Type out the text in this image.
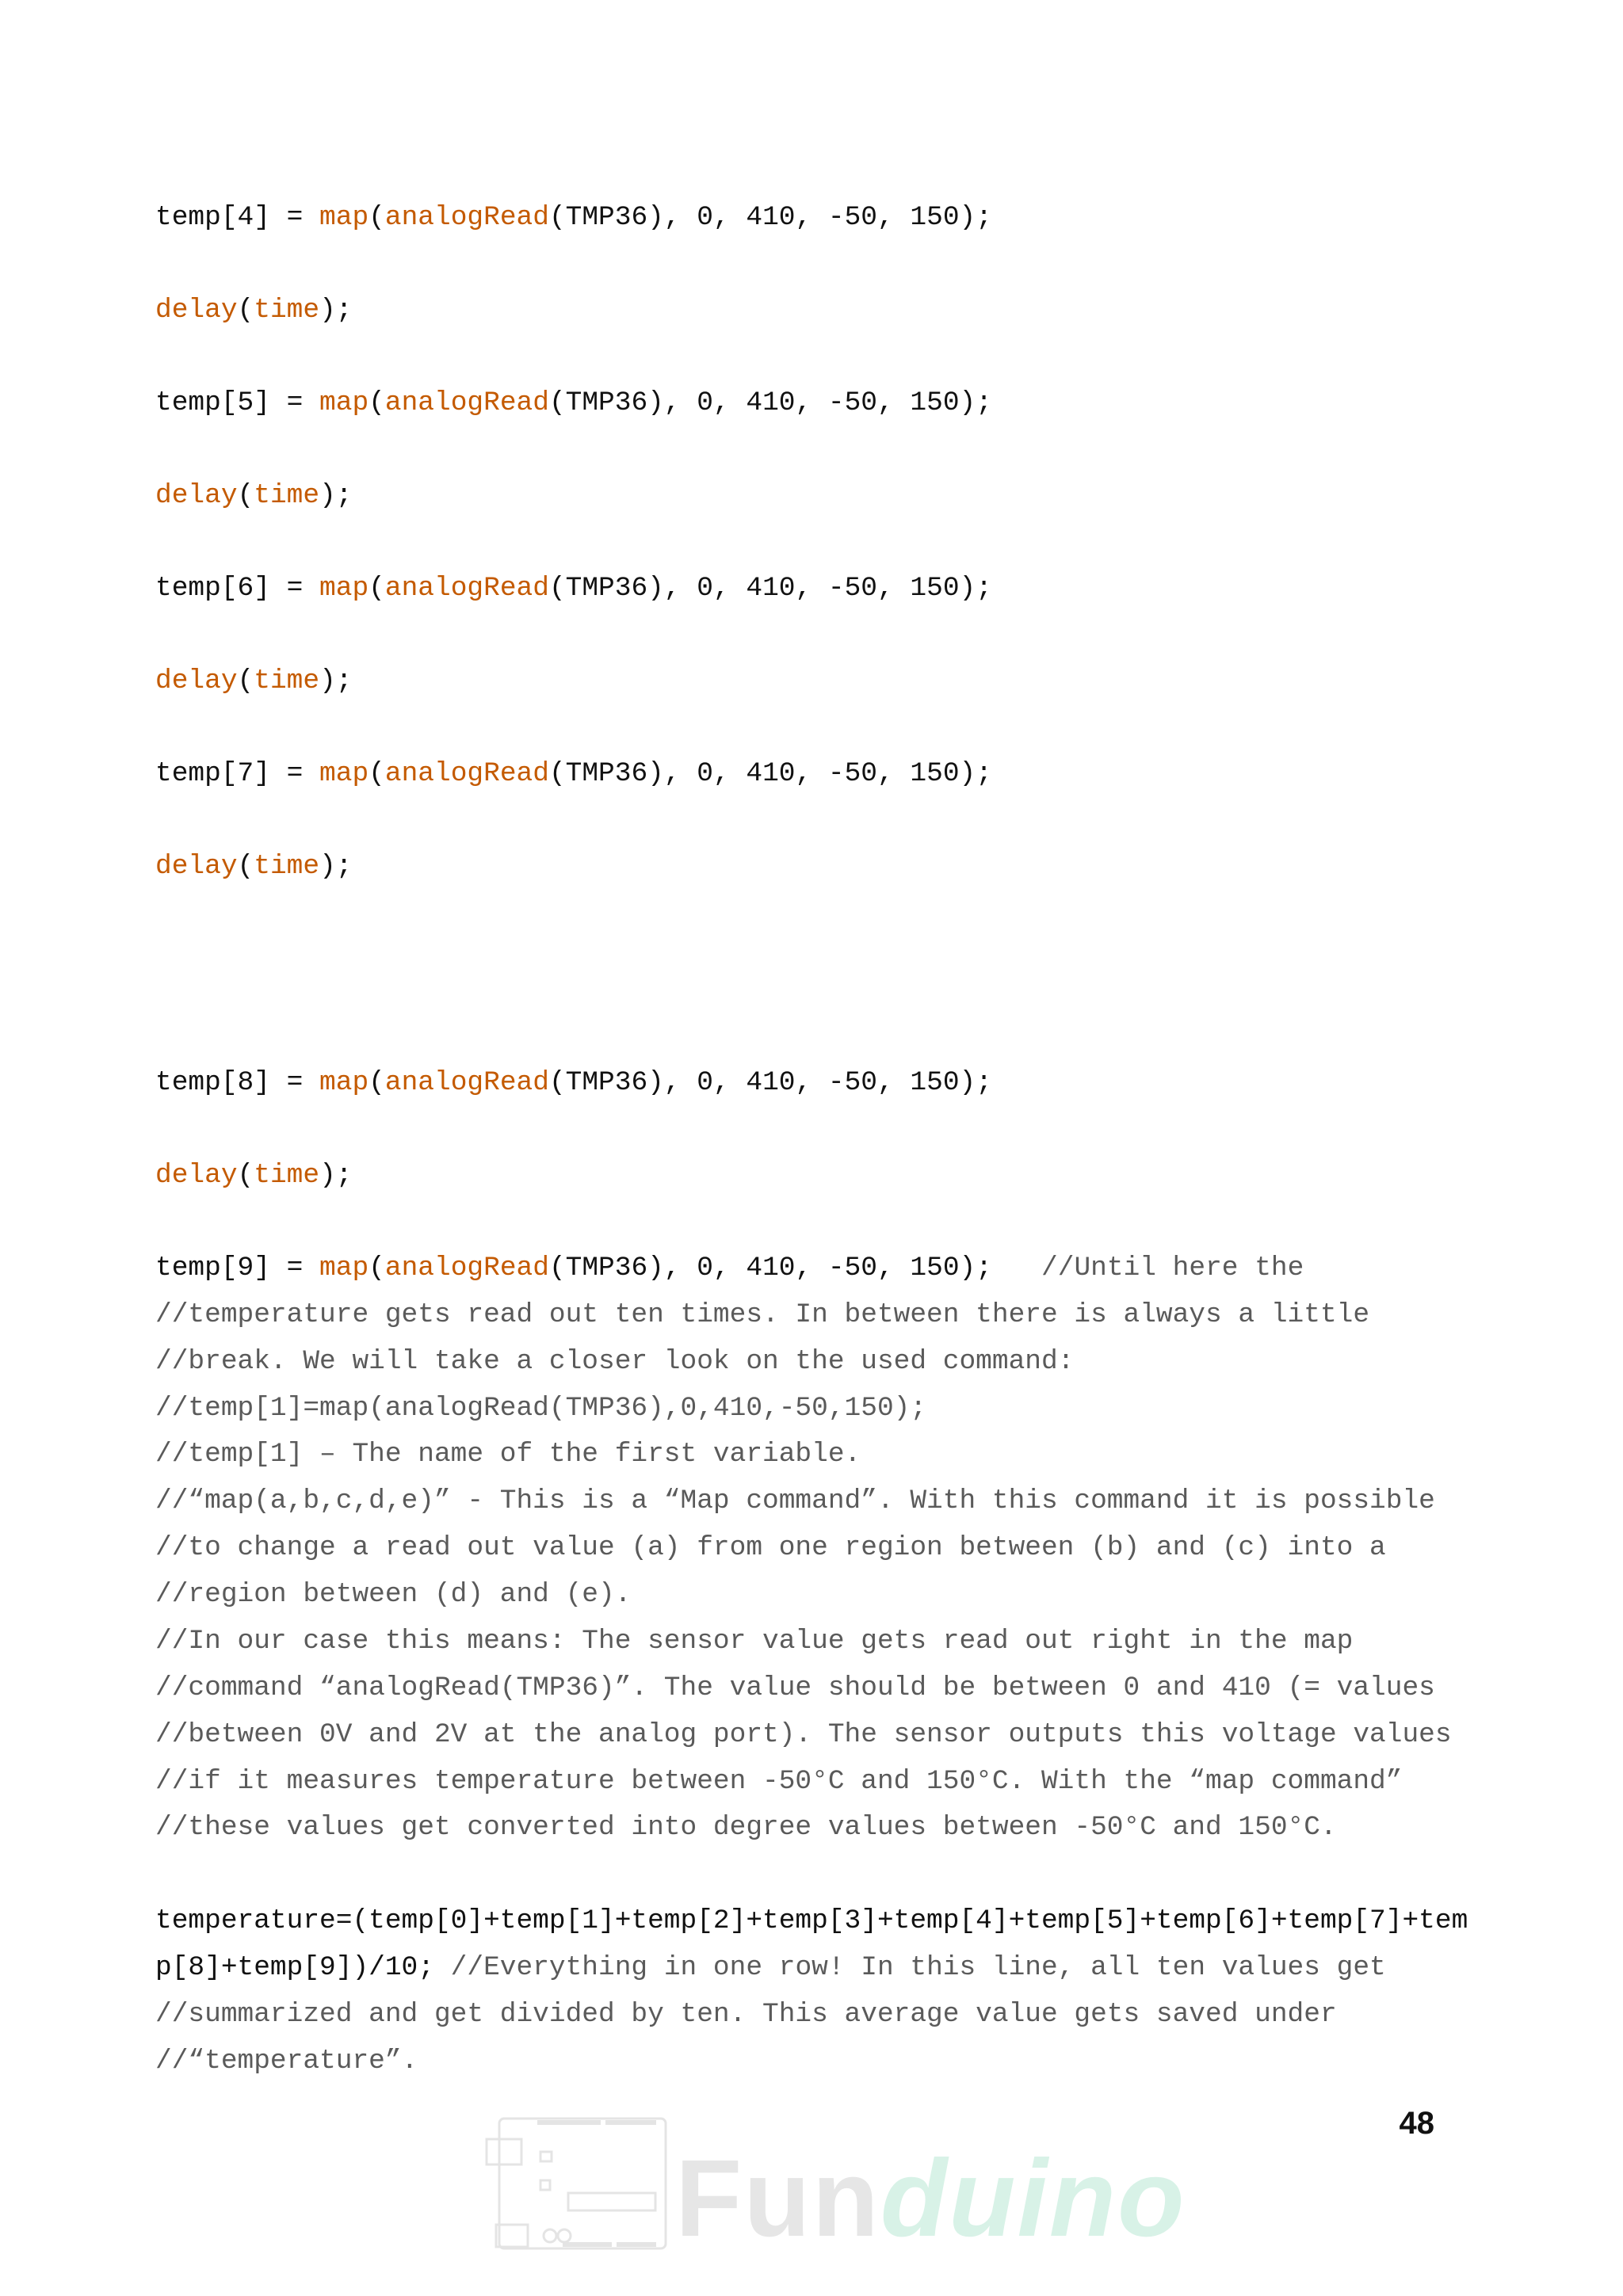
temp[4] = map(analogRead(TMP36), 0, 410, -50, 150);
delay(time);
temp[5] = map(analogRead(TMP36), 0, 410, -50, 150);
delay(time);
temp[6] = map(analogRead(TMP36), 0, 410, -50, 150);
delay(time);
temp[7] = map(analogRead(TMP36), 0, 410, -50, 150);
delay(time);
temp[8] = map(analogRead(TMP36), 0, 410, -50, 150);
delay(time);
temp[9] = map(analogRead(TMP36), 0, 410, -50, 150);   //Until here the
//temperature gets read out ten times. In between there is always a little
//break. We will take a closer look on the used command:
//temp[1]=map(analogRead(TMP36),0,410,-50,150);
//temp[1] – The name of the first variable.
//“map(a,b,c,d,e)” - This is a “Map command”. With this command it is possible
//to change a read out value (a) from one region between (b) and (c) into a
//region between (d) and (e).
//In our case this means: The sensor value gets read out right in the map
//command “analogRead(TMP36)”. The value should be between 0 and 410 (= values
//between 0V and 2V at the analog port). The sensor outputs this voltage values
//if it measures temperature between -50°C and 150°C. With the “map command”
//these values get converted into degree values between -50°C and 150°C.
temperature=(temp[0]+temp[1]+temp[2]+temp[3]+temp[4]+temp[5]+temp[6]+temp[7]+tem
p[8]+temp[9])/10; //Everything in one row! In this line, all ten values get
//summarized and get divided by ten. This average value gets saved under
//“temperature”.
48
Funduino
